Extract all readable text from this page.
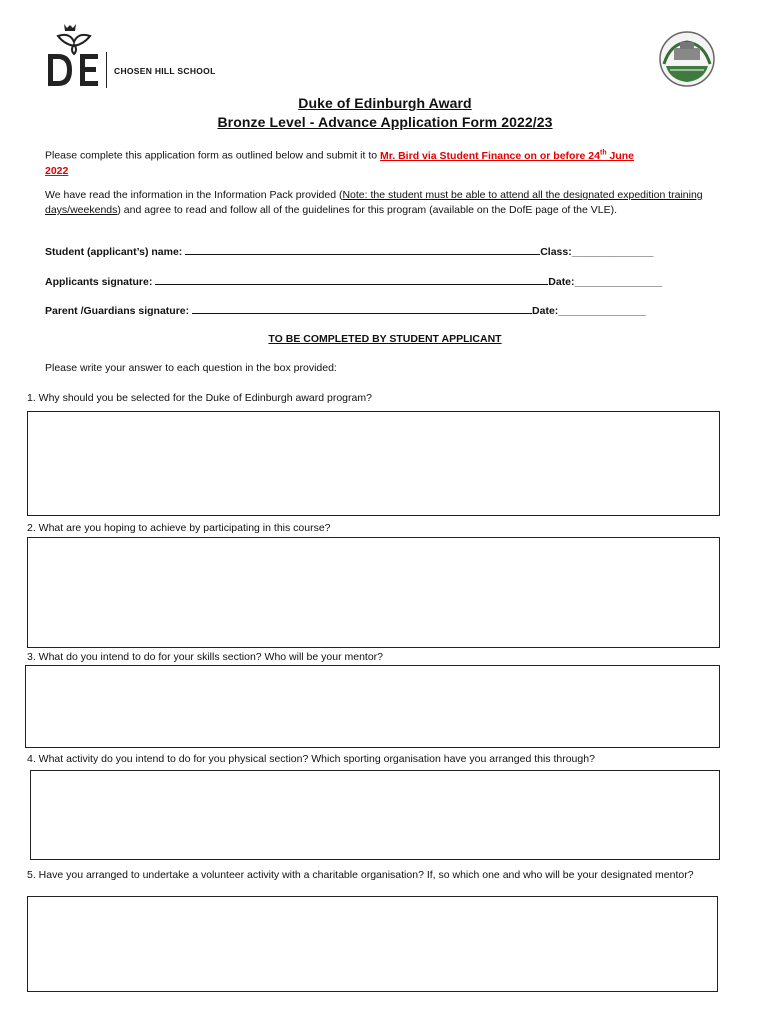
CHOSEN HILL SCHOOL
Duke of Edinburgh Award
Bronze Level - Advance Application Form 2022/23
Please complete this application form as outlined below and submit it to Mr. Bird via Student Finance on or before 24th June
2022
We have read the information in the Information Pack provided (Note: the student must be able to attend all the designated expedition training days/weekends) and agree to read and follow all of the guidelines for this program (available on the DofE page of the VLE).
Student (applicant’s) name:	Class:______________
Applicants signature:	Date:_______________
Parent /Guardians signature:	Date:_______________
TO BE COMPLETED BY STUDENT APPLICANT
Please write your answer to each question in the box provided:
1. Why should you be selected for the Duke of Edinburgh award program?
2. What are you hoping to achieve by participating in this course?
3. What do you intend to do for your skills section? Who will be your mentor?
4. What activity do you intend to do for you physical section? Which sporting organisation have you arranged this through?
5. Have you arranged to undertake a volunteer activity with a charitable organisation? If, so which one and who will be your designated mentor?
